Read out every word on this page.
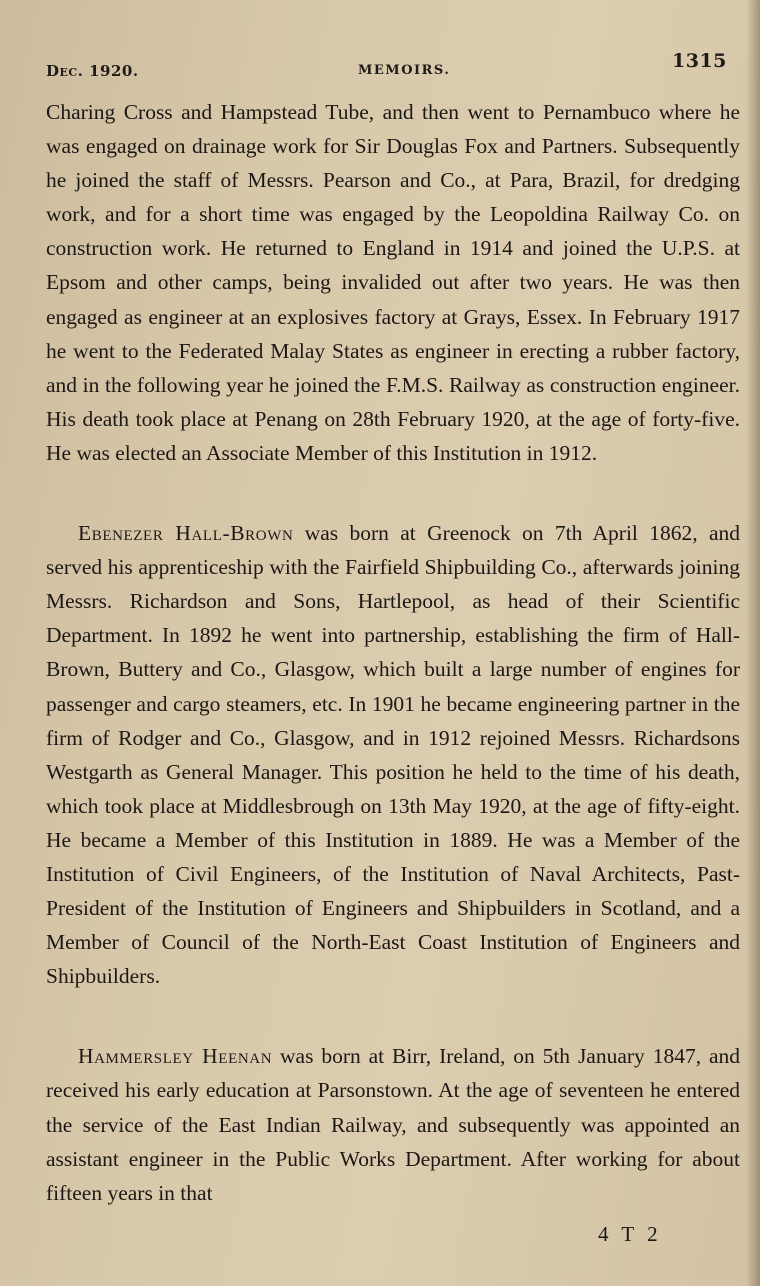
Dec. 1920.	MEMOIRS.	1315

Charing Cross and Hampstead Tube, and then went to Pernambuco where he was engaged on drainage work for Sir Douglas Fox and Partners. Subsequently he joined the staff of Messrs. Pearson and Co., at Para, Brazil, for dredging work, and for a short time was engaged by the Leopoldina Railway Co. on construction work. He returned to England in 1914 and joined the U.P.S. at Epsom and other camps, being invalided out after two years. He was then engaged as engineer at an explosives factory at Grays, Essex. In February 1917 he went to the Federated Malay States as engineer in erecting a rubber factory, and in the following year he joined the F.M.S. Railway as construction engineer. His death took place at Penang on 28th February 1920, at the age of forty-five. He was elected an Associate Member of this Institution in 1912.

Ebenezer Hall-Brown was born at Greenock on 7th April 1862, and served his apprenticeship with the Fairfield Shipbuilding Co., afterwards joining Messrs. Richardson and Sons, Hartlepool, as head of their Scientific Department. In 1892 he went into partnership, establishing the firm of Hall-Brown, Buttery and Co., Glasgow, which built a large number of engines for passenger and cargo steamers, etc. In 1901 he became engineering partner in the firm of Rodger and Co., Glasgow, and in 1912 rejoined Messrs. Richardsons Westgarth as General Manager. This position he held to the time of his death, which took place at Middlesbrough on 13th May 1920, at the age of fifty-eight. He became a Member of this Institution in 1889. He was a Member of the Institution of Civil Engineers, of the Institution of Naval Architects, Past-President of the Institution of Engineers and Shipbuilders in Scotland, and a Member of Council of the North-East Coast Institution of Engineers and Shipbuilders.

Hammersley Heenan was born at Birr, Ireland, on 5th January 1847, and received his early education at Parsonstown. At the age of seventeen he entered the service of the East Indian Railway, and subsequently was appointed an assistant engineer in the Public Works Department. After working for about fifteen years in that

4 T 2
